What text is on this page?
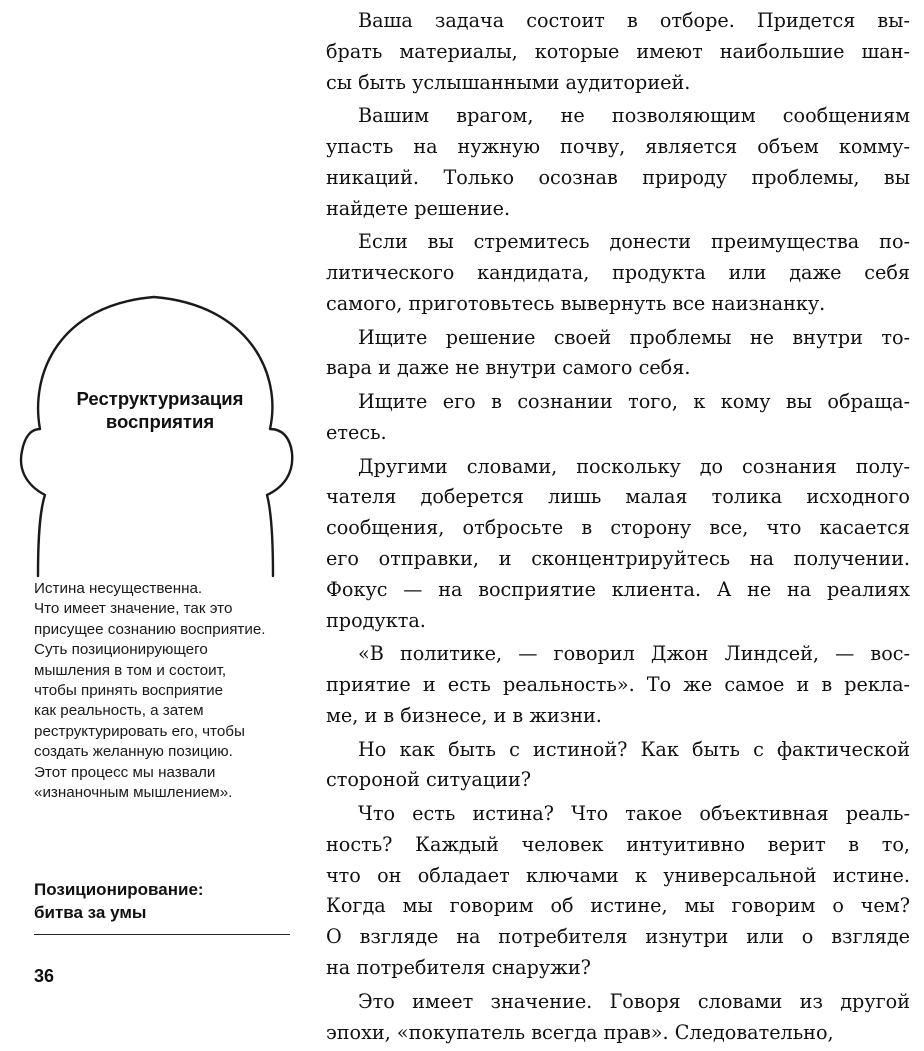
Реструктуризация
восприятия
Истина несущественна.
Что имеет значение, так это
присущее сознанию восприятие.
Суть позиционирующего
мышления в том и состоит,
чтобы принять восприятие
как реальность, а затем
реструктурировать его, чтобы
создать желанную позицию.
Этот процесс мы назвали
«изнаночным мышлением».
Позиционирование:
битва за умы
36
Ваша задача состоит в отборе. Придется вы-
брать материалы, которые имеют наибольшие шан-
сы быть услышанными аудиторией.
Вашим врагом, не позволяющим сообщениям
упасть на нужную почву, является объем комму-
никаций. Только осознав природу проблемы, вы
найдете решение.
Если вы стремитесь донести преимущества по-
литического кандидата, продукта или даже себя
самого, приготовьтесь вывернуть все наизнанку.
Ищите решение своей проблемы не внутри то-
вара и даже не внутри самого себя.
Ищите его в сознании того, к кому вы обраща-
етесь.
Другими словами, поскольку до сознания полу-
чателя доберется лишь малая толика исходного
сообщения, отбросьте в сторону все, что касается
его отправки, и сконцентрируйтесь на получении.
Фокус — на восприятие клиента. А не на реалиях
продукта.
«В политике, — говорил Джон Линдсей, — вос-
приятие и есть реальность». То же самое и в рекла-
ме, и в бизнесе, и в жизни.
Но как быть с истиной? Как быть с фактической
стороной ситуации?
Что есть истина? Что такое объективная реаль-
ность? Каждый человек интуитивно верит в то,
что он обладает ключами к универсальной истине.
Когда мы говорим об истине, мы говорим о чем?
О взгляде на потребителя изнутри или о взгляде
на потребителя снаружи?
Это имеет значение. Говоря словами из другой
эпохи, «покупатель всегда прав». Следовательно,
